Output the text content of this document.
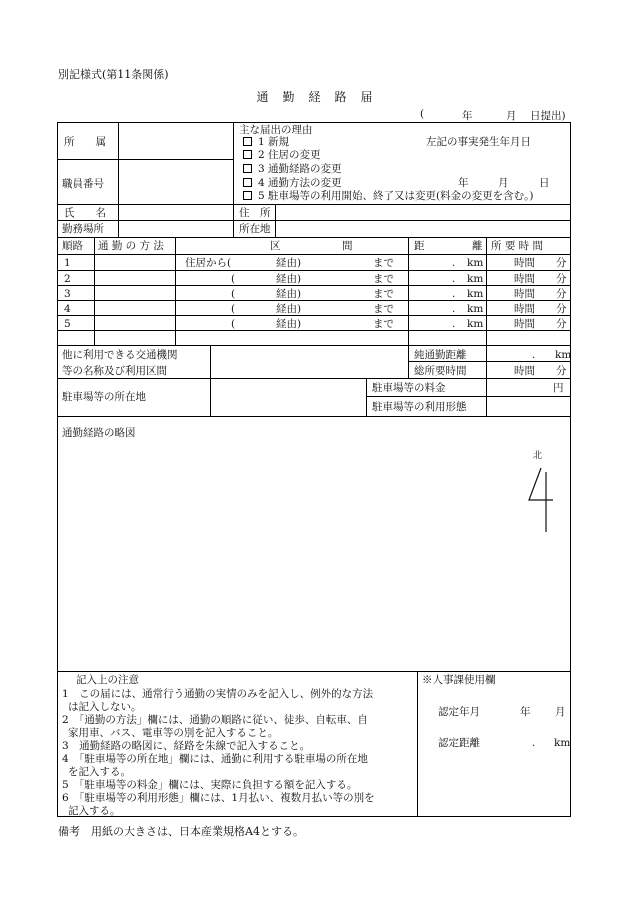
別記様式(第11条関係)
通　勤　経　路　届
(	年	月 日提出)
所　　属
職員番号
氏　　名
勤務場所
住　所
所在地
主な届出の理由
1 新規
2 住居の変更
3 通勤経路の変更
4 通勤方法の変更
5 駐車場等の利用開始、終了又は変更(料金の変更を含む。)
左記の事実発生年月日
年	月	日
順路 通 勤 の 方 法	区	間	距	離 所 要 時 間
1	住居から(	経由)	まで	. km	時間 分
2	(	経由)	まで	. km	時間 分
3	(	経由)	まで	. km	時間 分
4	(	経由)	まで	. km	時間 分
5	(	経由)	まで	. km	時間 分
他に利用できる交通機関
等の名称及び利用区間
純通勤距離	. km
総所要時間	時間 分
駐車場等の所在地
駐車場等の料金	円
駐車場等の利用形態
通勤経路の略図
記入上の注意
1　この届には、通常行う通勤の実情のみを記入し、例外的な方法
は記入しない。
2　「通勤の方法」欄には、通勤の順路に従い、徒歩、自転車、自
家用車、バス、電車等の別を記入すること。
3　通勤経路の略図に、経路を朱線で記入すること。
4　「駐車場等の所在地」欄には、通勤に利用する駐車場の所在地
を記入する。
5　「駐車場等の料金」欄には、実際に負担する額を記入する。
6　「駐車場等の利用形態」欄には、1月払い、複数月払い等の別を
記入する。
※人事課使用欄
認定年月	年 月
認定距離	. km
北
備考　用紙の大きさは、日本産業規格A4とする。
